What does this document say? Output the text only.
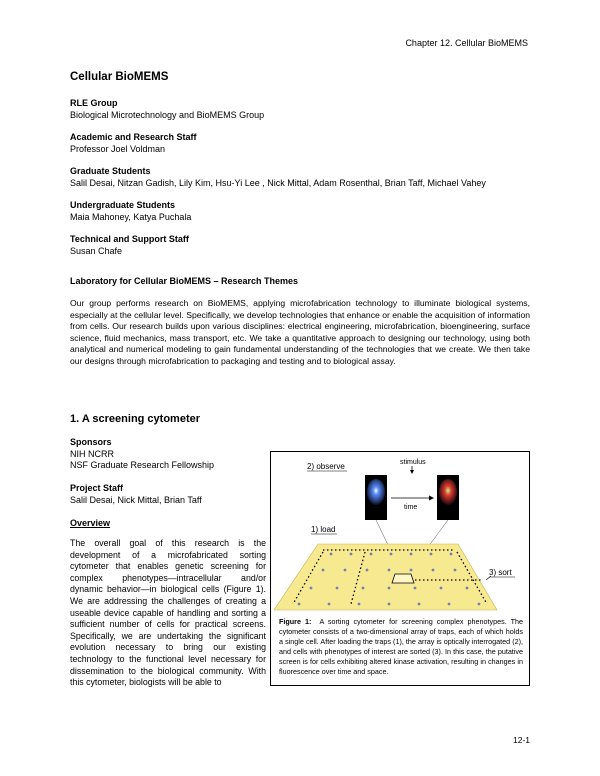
Chapter 12. Cellular BioMEMS
Cellular BioMEMS
RLE Group

Biological Microtechnology and BioMEMS Group

Academic and Research Staff

Professor Joel Voldman

Graduate Students

Salil Desai, Nitzan Gadish, Lily Kim, Hsu-Yi Lee , Nick Mittal, Adam Rosenthal, Brian Taff, Michael Vahey

Undergraduate Students

Maia Mahoney, Katya Puchala

Technical and Support Staff

Susan Chafe

Laboratory for Cellular BioMEMS – Research Themes

Our group performs research on BioMEMS, applying microfabrication technology to illuminate biological systems, especially at the cellular level. Specifically, we develop technologies that enhance or enable the acquisition of information from cells. Our research builds upon various disciplines: electrical engineering, microfabrication, bioengineering, surface science, fluid mechanics, mass transport, etc. We take a quantitative approach to designing our technology, using both analytical and numerical modeling to gain fundamental understanding of the technologies that we create. We then take our designs through microfabrication to packaging and testing and to biological assay.

1. A screening cytometer
Sponsors

NIH NCRR

NSF Graduate Research Fellowship

Project Staff

Salil Desai, Nick Mittal, Brian Taff

Overview

The overall goal of this research is the development of a microfabricated sorting cytometer that enables genetic screening for complex phenotypes—intracellular and/or dynamic behavior—in biological cells (Figure 1). We are addressing the challenges of creating a useable device capable of handling and sorting a sufficient number of cells for practical screens. Specifically, we are undertaking the significant evolution necessary to bring our existing technology to the functional level necessary for dissemination to the biological community. With this cytometer, biologists will be able to

2) observe	stimulus
time
1) load
3) sort

Figure 1: A sorting cytometer for screening complex phenotypes. The cytometer consists of a two-dimensional array of traps, each of which holds a single cell. After loading the traps (1), the array is optically interrogated (2), and cells with phenotypes of interest are sorted (3). In this case, the putative screen is for cells exhibiting altered kinase activation, resulting in changes in fluorescence over time and space.

12-1
